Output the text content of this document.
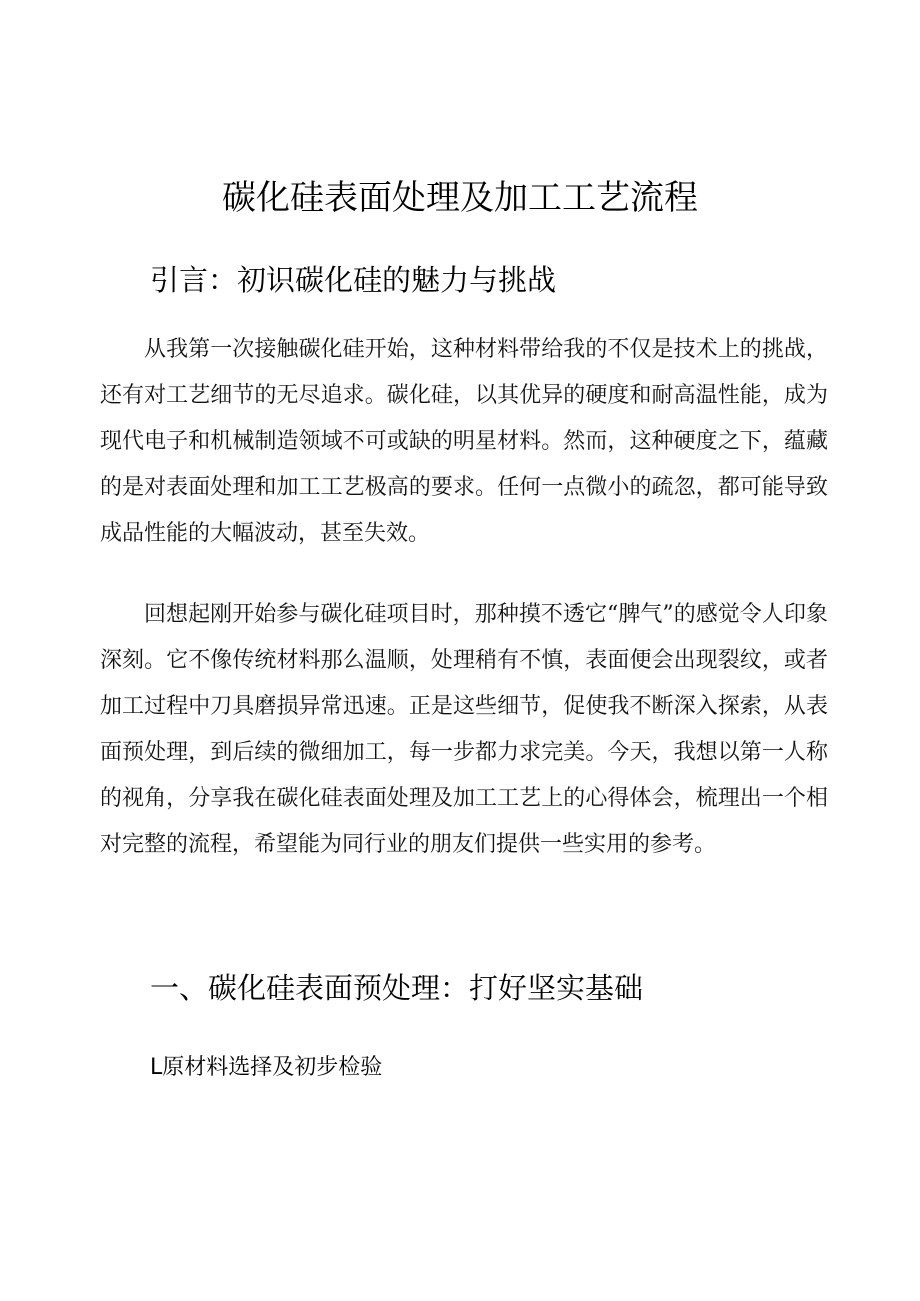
碳化硅表面处理及加工工艺流程
引言：初识碳化硅的魅力与挑战

从我第一次接触碳化硅开始，这种材料带给我的不仅是技术上的挑战，还有对工艺细节的无尽追求。碳化硅，以其优异的硬度和耐高温性能，成为现代电子和机械制造领域不可或缺的明星材料。然而，这种硬度之下，蕴藏的是对表面处理和加工工艺极高的要求。任何一点微小的疏忽，都可能导致成品性能的大幅波动，甚至失效。

回想起刚开始参与碳化硅项目时，那种摸不透它“脾气”的感觉令人印象深刻。它不像传统材料那么温顺，处理稍有不慎，表面便会出现裂纹，或者加工过程中刀具磨损异常迅速。正是这些细节，促使我不断深入探索，从表面预处理，到后续的微细加工，每一步都力求完美。今天，我想以第一人称的视角，分享我在碳化硅表面处理及加工工艺上的心得体会，梳理出一个相对完整的流程，希望能为同行业的朋友们提供一些实用的参考。

一、碳化硅表面预处理：打好坚实基础
L原材料选择及初步检验
